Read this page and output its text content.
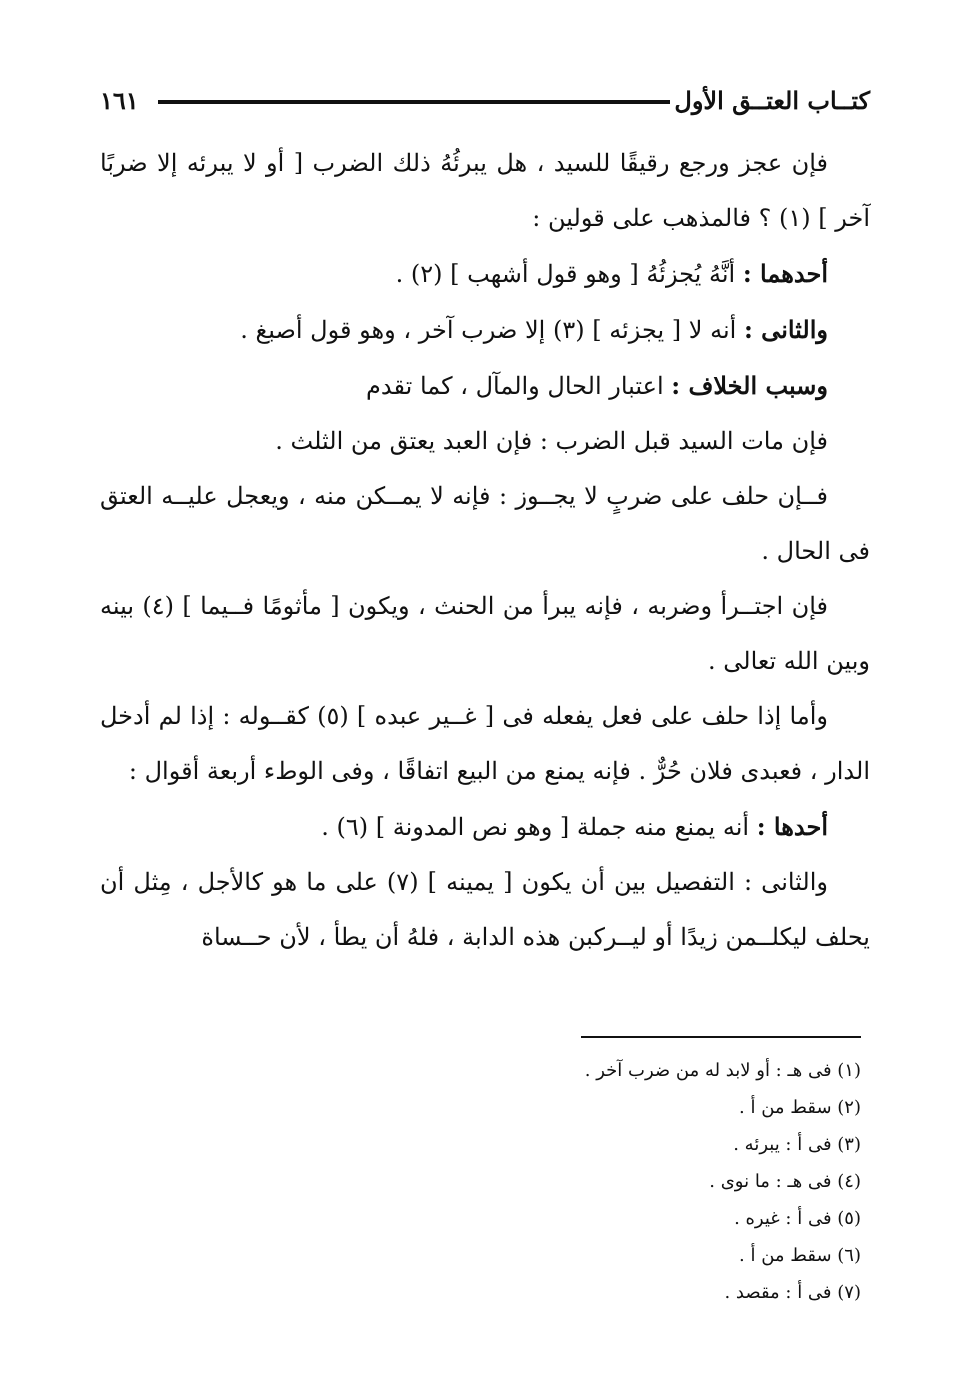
كتــاب العتــق الأول
١٦١

فإن عجز ورجع رقيقًا للسيد ، هل يبرئُهُ ذلك الضرب [ أو لا يبرئه إلا ضربًا آخر ] (١) ؟ فالمذهب على قولين :

أحدهما : أنَّهُ يُجزئُهُ [ وهو قول أشهب ] (٢) .

والثانى : أنه لا [ يجزئه ] (٣) إلا ضرب آخر ، وهو قول أصبغ .

وسبب الخلاف : اعتبار الحال والمآل ، كما تقدم

فإن مات السيد قبل الضرب : فإن العبد يعتق من الثلث .

فــإن حلف على ضربٍ لا يجــوز : فإنه لا يمــكن منه ، ويعجل عليــه العتق فى الحال .

فإن اجتــرأ وضربه ، فإنه يبرأ من الحنث ، ويكون [ مأثومًا فــيما ] (٤) بينه وبين الله تعالى .

وأما إذا حلف على فعل يفعله فى [ غــير عبده ] (٥) كقــوله : إذا لم أدخل الدار ، فعبدى فلان حُرٌّ . فإنه يمنع من البيع اتفاقًا ، وفى الوطء أربعة أقوال :

أحدها : أنه يمنع منه جملة [ وهو نص المدونة ] (٦) .

والثانى : التفصيل بين أن يكون [ يمينه ] (٧) على ما هو كالأجل ، مِثل أن يحلف ليكلــمن زيدًا أو ليــركبن هذه الدابة ، فلهُ أن يطأ ، لأن حــساة

(١) فى هـ : أو لابد له من ضرب آخر .

(٢) سقط من أ .

(٣) فى أ : يبرئه .

(٤) فى هـ : ما نوى .

(٥) فى أ : غيره .

(٦) سقط من أ .

(٧) فى أ : مقصد .
